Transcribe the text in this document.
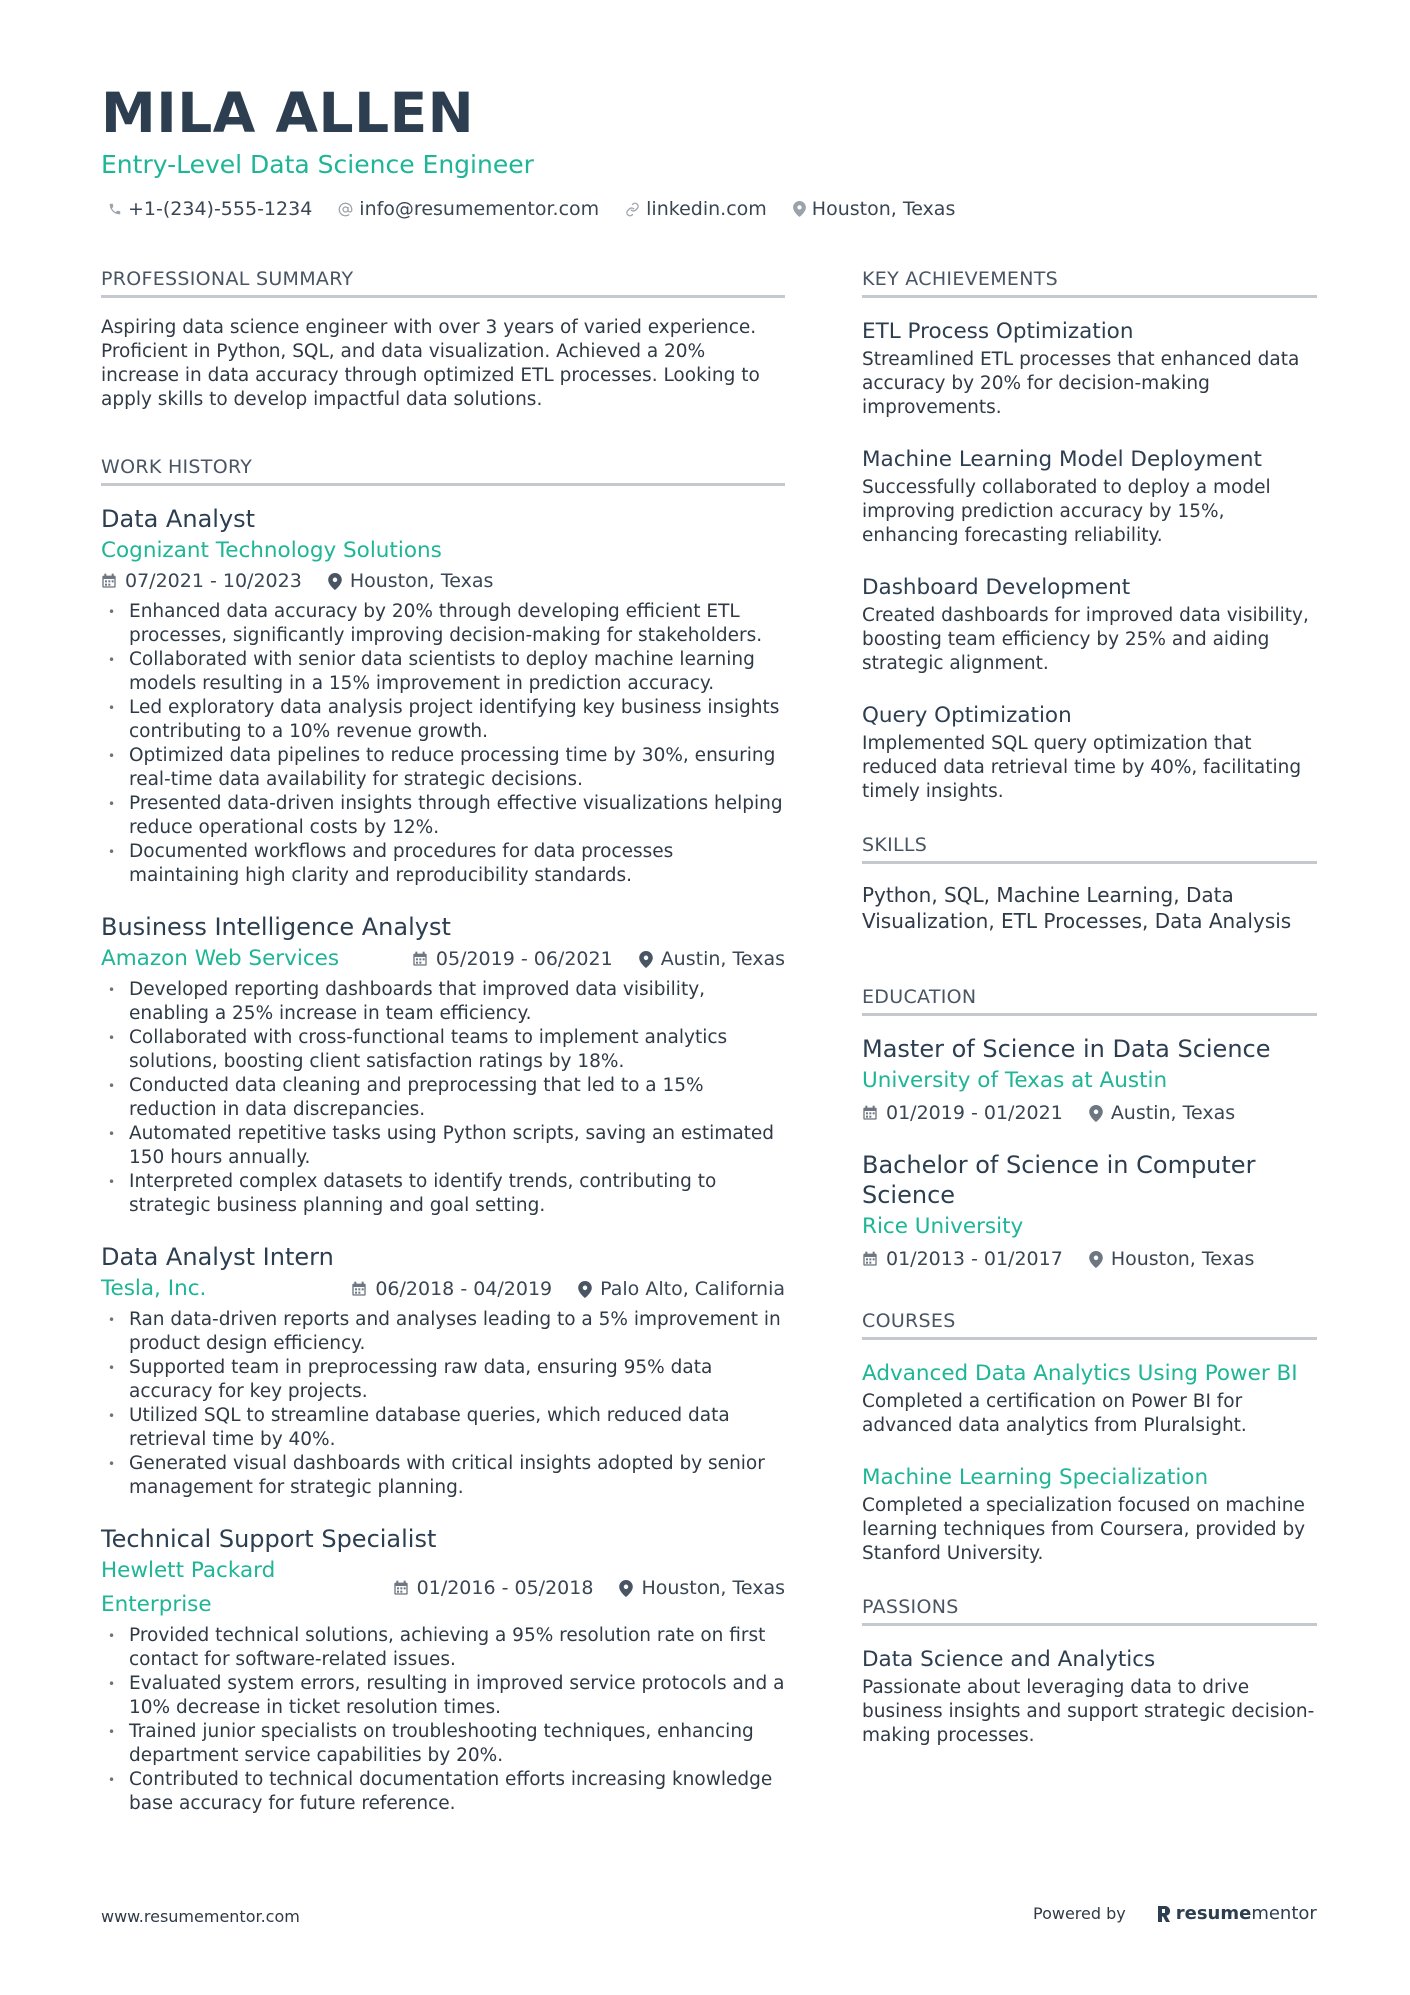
MILA ALLEN
Entry-Level Data Science Engineer
+1-(234)-555-1234 info@resumementor.com linkedin.com Houston, Texas
PROFESSIONAL SUMMARY
Aspiring data science engineer with over 3 years of varied experience. Proficient in Python, SQL, and data visualization. Achieved a 20% increase in data accuracy through optimized ETL processes. Looking to apply skills to develop impactful data solutions.
WORK HISTORY
Data Analyst
Cognizant Technology Solutions
07/2021 - 10/2023	Houston, Texas
• Enhanced data accuracy by 20% through developing efficient ETL processes, significantly improving decision-making for stakeholders.
• Collaborated with senior data scientists to deploy machine learning models resulting in a 15% improvement in prediction accuracy.
• Led exploratory data analysis project identifying key business insights contributing to a 10% revenue growth.
• Optimized data pipelines to reduce processing time by 30%, ensuring real-time data availability for strategic decisions.
• Presented data-driven insights through effective visualizations helping reduce operational costs by 12%.
• Documented workflows and procedures for data processes maintaining high clarity and reproducibility standards.
Business Intelligence Analyst
Amazon Web Services	05/2019 - 06/2021	Austin, Texas
• Developed reporting dashboards that improved data visibility, enabling a 25% increase in team efficiency.
• Collaborated with cross-functional teams to implement analytics solutions, boosting client satisfaction ratings by 18%.
• Conducted data cleaning and preprocessing that led to a 15% reduction in data discrepancies.
• Automated repetitive tasks using Python scripts, saving an estimated 150 hours annually.
• Interpreted complex datasets to identify trends, contributing to strategic business planning and goal setting.
Data Analyst Intern
Tesla, Inc.	06/2018 - 04/2019	Palo Alto, California
• Ran data-driven reports and analyses leading to a 5% improvement in product design efficiency.
• Supported team in preprocessing raw data, ensuring 95% data accuracy for key projects.
• Utilized SQL to streamline database queries, which reduced data retrieval time by 40%.
• Generated visual dashboards with critical insights adopted by senior management for strategic planning.
Technical Support Specialist
Hewlett Packard Enterprise
01/2016 - 05/2018	Houston, Texas
• Provided technical solutions, achieving a 95% resolution rate on first contact for software-related issues.
• Evaluated system errors, resulting in improved service protocols and a 10% decrease in ticket resolution times.
• Trained junior specialists on troubleshooting techniques, enhancing department service capabilities by 20%.
• Contributed to technical documentation efforts increasing knowledge base accuracy for future reference.
KEY ACHIEVEMENTS
ETL Process Optimization
Streamlined ETL processes that enhanced data accuracy by 20% for decision-making improvements.
Machine Learning Model Deployment
Successfully collaborated to deploy a model improving prediction accuracy by 15%, enhancing forecasting reliability.
Dashboard Development
Created dashboards for improved data visibility, boosting team efficiency by 25% and aiding strategic alignment.
Query Optimization
Implemented SQL query optimization that reduced data retrieval time by 40%, facilitating timely insights.
SKILLS
Python, SQL, Machine Learning, Data Visualization, ETL Processes, Data Analysis
EDUCATION
Master of Science in Data Science
University of Texas at Austin
01/2019 - 01/2021	Austin, Texas
Bachelor of Science in Computer Science
Rice University
01/2013 - 01/2017	Houston, Texas
COURSES
Advanced Data Analytics Using Power BI
Completed a certification on Power BI for advanced data analytics from Pluralsight.
Machine Learning Specialization
Completed a specialization focused on machine learning techniques from Coursera, provided by Stanford University.
PASSIONS
Data Science and Analytics
Passionate about leveraging data to drive business insights and support strategic decision-making processes.
www.resumementor.com	Powered by	resume mentor
